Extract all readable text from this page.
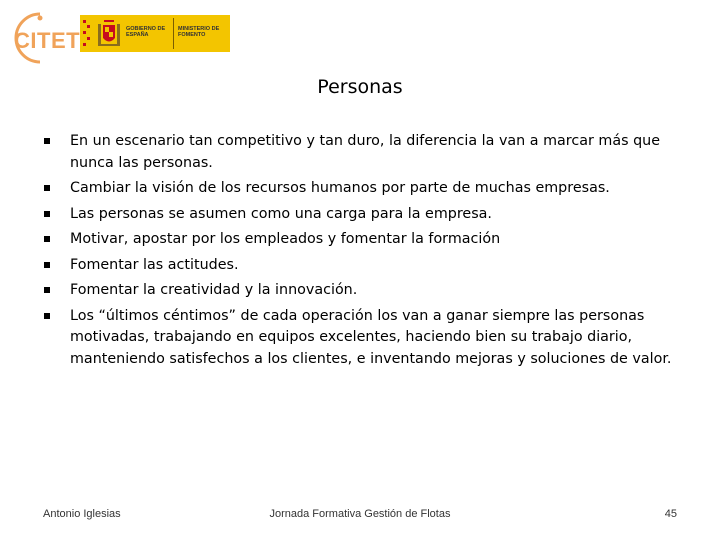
CITET	GOBIERNO DE ESPAÑA
MINISTERIO DE FOMENTO
Personas
En un escenario tan competitivo y tan duro, la diferencia la van a marcar más que nunca las personas.
Cambiar la visión de los recursos humanos por parte de muchas empresas.
Las personas se asumen como una carga para la empresa.
Motivar, apostar por los empleados y fomentar la formación
Fomentar las actitudes.
Fomentar la creatividad y la innovación.
Los “últimos céntimos” de cada operación los van a ganar siempre las personas motivadas, trabajando en equipos excelentes, haciendo bien su trabajo diario, manteniendo satisfechos a los clientes, e inventando mejoras y soluciones de valor.
Antonio Iglesias	Jornada Formativa Gestión de Flotas	45
